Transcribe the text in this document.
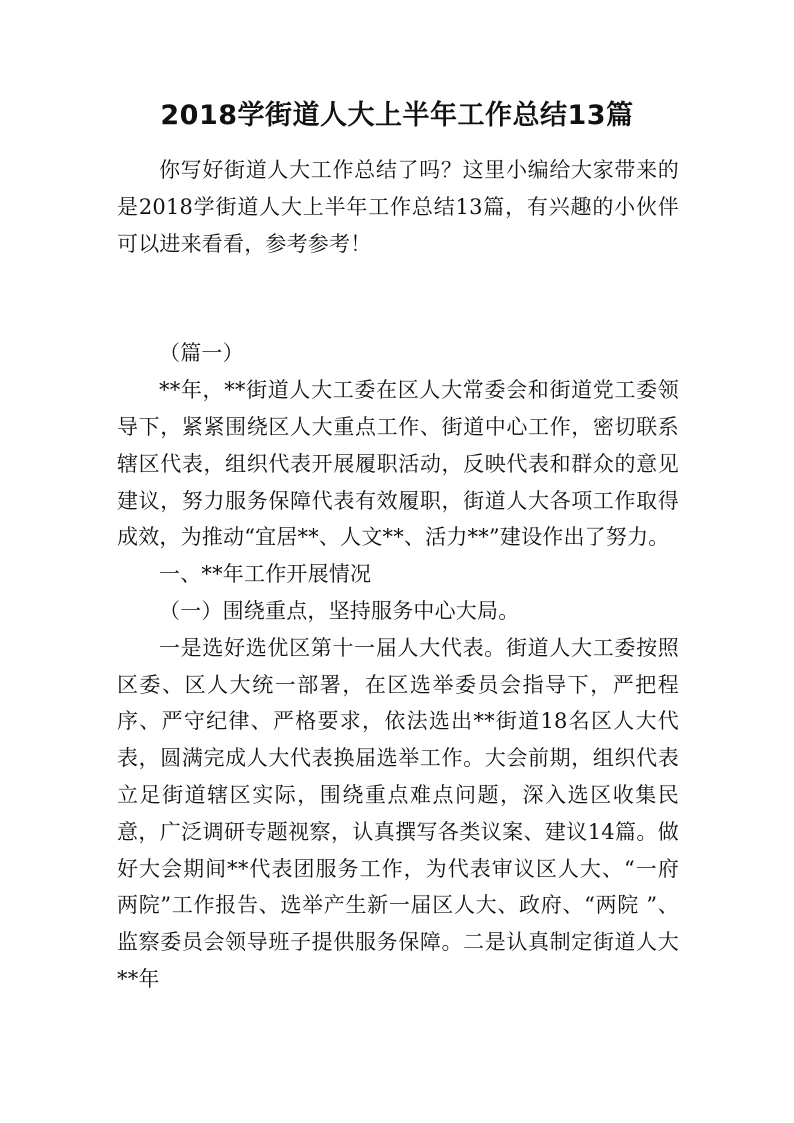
2018学街道人大上半年工作总结13篇

你写好街道人大工作总结了吗？这里小编给大家带来的是2018学街道人大上半年工作总结13篇，有兴趣的小伙伴可以进来看看，参考参考！

（篇一）

**年，**街道人大工委在区人大常委会和街道党工委领导下，紧紧围绕区人大重点工作、街道中心工作，密切联系辖区代表，组织代表开展履职活动，反映代表和群众的意见建议，努力服务保障代表有效履职，街道人大各项工作取得成效，为推动“宜居**、人文**、活力**”建设作出了努力。

一、**年工作开展情况

（一）围绕重点，坚持服务中心大局。

一是选好选优区第十一届人大代表。街道人大工委按照区委、区人大统一部署，在区选举委员会指导下，严把程序、严守纪律、严格要求，依法选出**街道18名区人大代表，圆满完成人大代表换届选举工作。大会前期，组织代表立足街道辖区实际，围绕重点难点问题，深入选区收集民意，广泛调研专题视察，认真撰写各类议案、建议14篇。做好大会期间**代表团服务工作，为代表审议区人大、“一府两院”工作报告、选举产生新一届区人大、政府、“两院 ”、监察委员会领导班子提供服务保障。二是认真制定街道人大**年
